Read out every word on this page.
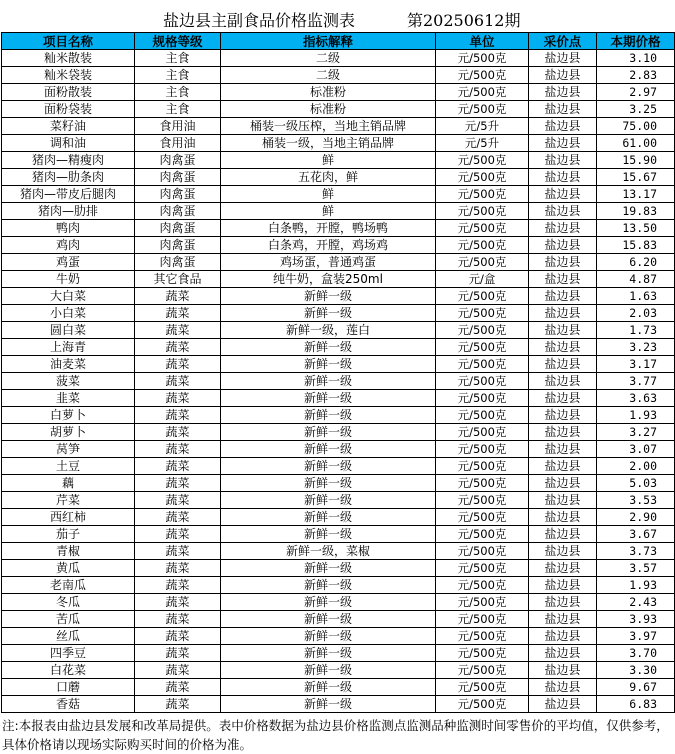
盐边县主副食品价格监测表	第20250612期
项目名称	规格等级	指标解释	单位	采价点	本期价格
籼米散装	主食	二级	元/500克	盐边县	3.10
籼米袋装	主食	二级	元/500克	盐边县	2.83
面粉散装	主食	标准粉	元/500克	盐边县	2.97
面粉袋装	主食	标准粉	元/500克	盐边县	3.25
菜籽油	食用油	桶装一级压榨，当地主销品牌	元/5升	盐边县	75.00
调和油	食用油	桶装一级，当地主销品牌	元/5升	盐边县	61.00
猪肉—精瘦肉	肉禽蛋	鲜	元/500克	盐边县	15.90
猪肉—肋条肉	肉禽蛋	五花肉，鲜	元/500克	盐边县	15.67
猪肉—带皮后腿肉	肉禽蛋	鲜	元/500克	盐边县	13.17
猪肉—肋排	肉禽蛋	鲜	元/500克	盐边县	19.83
鸭肉	肉禽蛋	白条鸭，开膛，鸭场鸭	元/500克	盐边县	13.50
鸡肉	肉禽蛋	白条鸡，开膛，鸡场鸡	元/500克	盐边县	15.83
鸡蛋	肉禽蛋	鸡场蛋，普通鸡蛋	元/500克	盐边县	6.20
牛奶	其它食品	纯牛奶，盒装250ml	元/盒	盐边县	4.87
大白菜	蔬菜	新鲜一级	元/500克	盐边县	1.63
小白菜	蔬菜	新鲜一级	元/500克	盐边县	2.03
圆白菜	蔬菜	新鲜一级，莲白	元/500克	盐边县	1.73
上海青	蔬菜	新鲜一级	元/500克	盐边县	3.23
油麦菜	蔬菜	新鲜一级	元/500克	盐边县	3.17
菠菜	蔬菜	新鲜一级	元/500克	盐边县	3.77
韭菜	蔬菜	新鲜一级	元/500克	盐边县	3.63
白萝卜	蔬菜	新鲜一级	元/500克	盐边县	1.93
胡萝卜	蔬菜	新鲜一级	元/500克	盐边县	3.27
莴笋	蔬菜	新鲜一级	元/500克	盐边县	3.07
土豆	蔬菜	新鲜一级	元/500克	盐边县	2.00
藕	蔬菜	新鲜一级	元/500克	盐边县	5.03
芹菜	蔬菜	新鲜一级	元/500克	盐边县	3.53
西红柿	蔬菜	新鲜一级	元/500克	盐边县	2.90
茄子	蔬菜	新鲜一级	元/500克	盐边县	3.67
青椒	蔬菜	新鲜一级，菜椒	元/500克	盐边县	3.73
黄瓜	蔬菜	新鲜一级	元/500克	盐边县	3.57
老南瓜	蔬菜	新鲜一级	元/500克	盐边县	1.93
冬瓜	蔬菜	新鲜一级	元/500克	盐边县	2.43
苦瓜	蔬菜	新鲜一级	元/500克	盐边县	3.93
丝瓜	蔬菜	新鲜一级	元/500克	盐边县	3.97
四季豆	蔬菜	新鲜一级	元/500克	盐边县	3.70
白花菜	蔬菜	新鲜一级	元/500克	盐边县	3.30
口蘑	蔬菜	新鲜一级	元/500克	盐边县	9.67
香菇	蔬菜	新鲜一级	元/500克	盐边县	6.83
注:本报表由盐边县发展和改革局提供。表中价格数据为盐边县价格监测点监测品种监测时间零售价的平均值，仅供参考，具体价格请以现场实际购买时间的价格为准。
